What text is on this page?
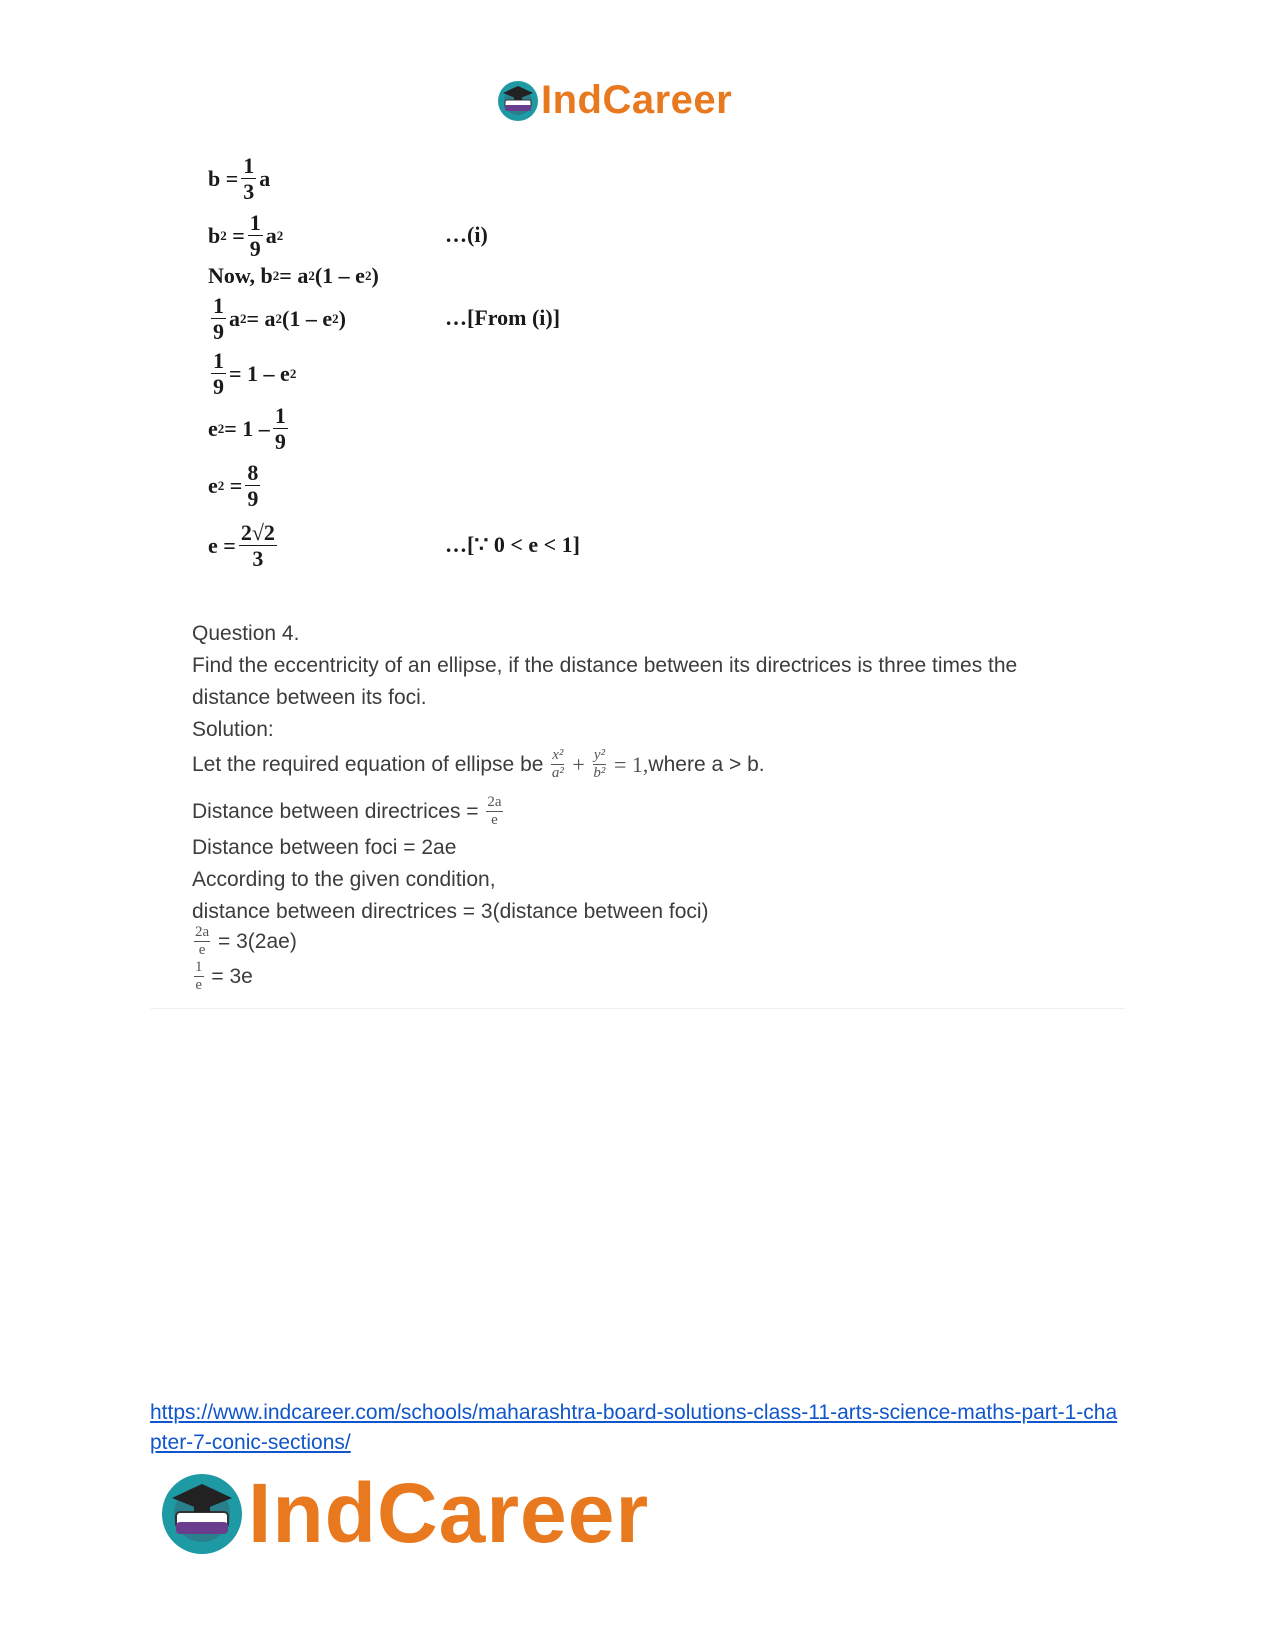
IndCareer
$b = \frac{1}{3}$ a
b $2 = \frac{1}{9}$ a 2	…(i)
Now, b 2 = a 2 (1 – e 2 )
$\frac{1}{9}$ a 2 = a 2 (1 – e 2 )	…[From (i)]
$\frac{1}{9} = 1 - e$ 2
e $2 = 1 - \frac{1}{9}$
e $2 = \frac{8}{9}$
$e = \frac{2√2}{3}$	…[∵ 0 < e < 1]
Question 4.
Find the eccentricity of an ellipse, if the distance between its directrices is three times the
distance between its foci.
Solution:
Let the required equation of ellipse be
$\frac{\text{x²}}{\text{a²}} + \frac{\text{y²}}{\text{b²}} = 1$, where a > b.
Distance between directrices =
$\frac{2a}{e}$
Distance between foci = 2ae
According to the given condition,
distance between directrices = 3(distance between foci)
$\frac{2a}{e}$
= 3(2ae)
$\frac{1}{e}$
= 3e
https://www.indcareer.com/schools/maharashtra-board-solutions-class-11-arts-science-maths-part-1-chapter-7-conic-sections/
IndCareer
